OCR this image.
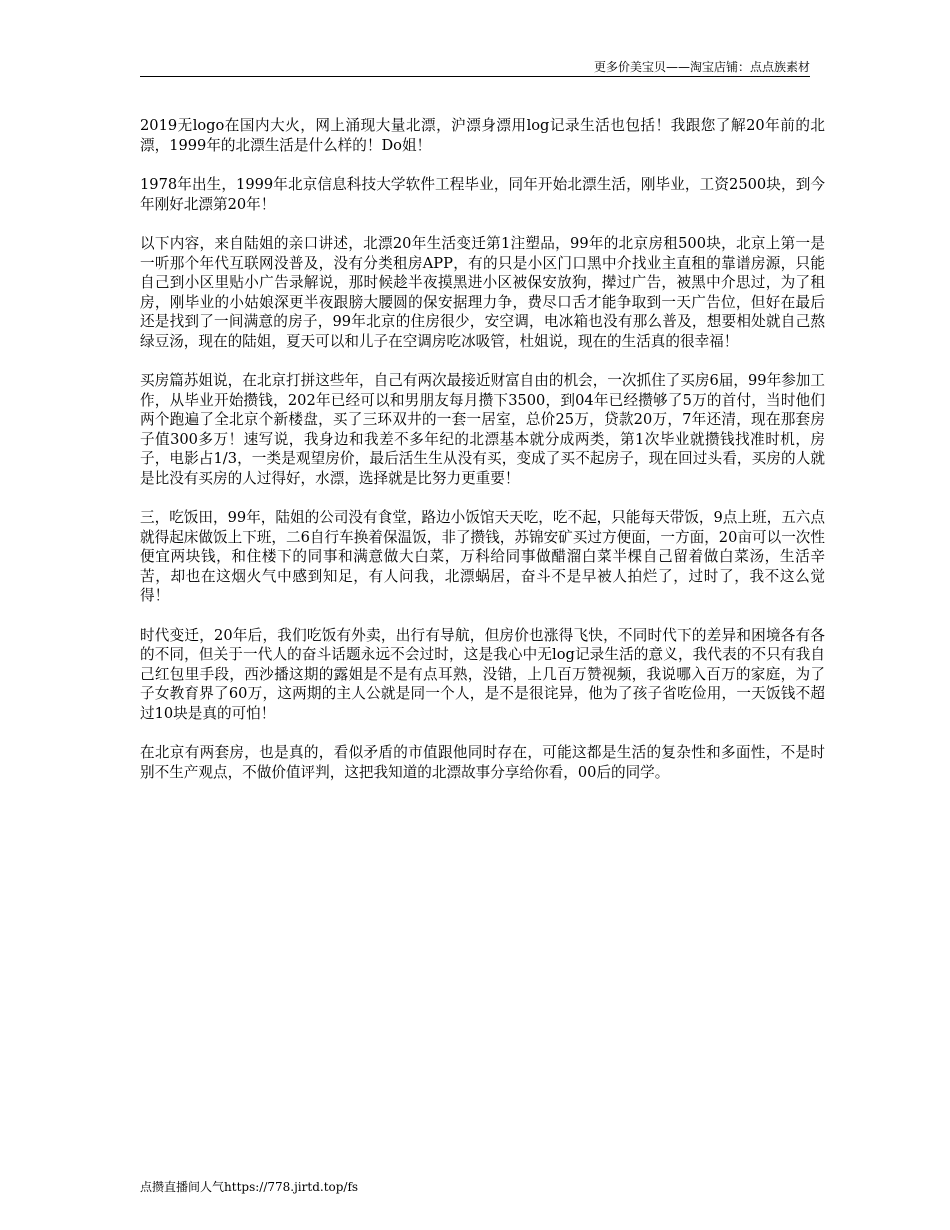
更多价美宝贝——淘宝店铺：点点族素材

2019无logo在国内大火，网上涌现大量北漂，沪漂身漂用log记录生活也包括！我跟您了解20年前的北漂，1999年的北漂生活是什么样的！Do姐！

1978年出生，1999年北京信息科技大学软件工程毕业，同年开始北漂生活，刚毕业，工资2500块，到今年刚好北漂第20年！

以下内容，来自陆姐的亲口讲述，北漂20年生活变迁第1注塑品，99年的北京房租500块，北京上第一是一听那个年代互联网没普及，没有分类租房APP，有的只是小区门口黑中介找业主直租的靠谱房源，只能自己到小区里贴小广告录解说，那时候趁半夜摸黑进小区被保安放狗，撵过广告，被黑中介思过，为了租房，刚毕业的小姑娘深更半夜跟膀大腰圆的保安据理力争，费尽口舌才能争取到一天广告位，但好在最后还是找到了一间满意的房子，99年北京的住房很少，安空调，电冰箱也没有那么普及，想要相处就自己熬绿豆汤，现在的陆姐，夏天可以和儿子在空调房吃冰吸管，杜姐说，现在的生活真的很幸福！

买房篇苏姐说，在北京打拼这些年，自己有两次最接近财富自由的机会，一次抓住了买房6届，99年参加工作，从毕业开始攒钱，202年已经可以和男朋友每月攒下3500，到04年已经攒够了5万的首付，当时他们两个跑遍了全北京个新楼盘，买了三环双井的一套一居室，总价25万，贷款20万，7年还清，现在那套房子值300多万！速写说，我身边和我差不多年纪的北漂基本就分成两类，第1次毕业就攒钱找准时机，房子，电影占1/3，一类是观望房价，最后活生生从没有买，变成了买不起房子，现在回过头看，买房的人就是比没有买房的人过得好，水漂，选择就是比努力更重要！

三，吃饭田，99年，陆姐的公司没有食堂，路边小饭馆天天吃，吃不起，只能每天带饭，9点上班，五六点就得起床做饭上下班，二6自行车换着保温饭，非了攒钱，苏锦安矿买过方便面，一方面，20亩可以一次性便宜两块钱，和住楼下的同事和满意做大白菜，万科给同事做醋溜白菜半棵自己留着做白菜汤，生活辛苦，却也在这烟火气中感到知足，有人问我，北漂蜗居，奋斗不是早被人拍烂了，过时了，我不这么觉得！

时代变迁，20年后，我们吃饭有外卖，出行有导航，但房价也涨得飞快，不同时代下的差异和困境各有各的不同，但关于一代人的奋斗话题永远不会过时，这是我心中无log记录生活的意义，我代表的不只有我自己红包里手段，西沙播这期的露姐是不是有点耳熟，没错，上几百万赞视频，我说哪入百万的家庭，为了子女教育界了60万，这两期的主人公就是同一个人，是不是很诧异，他为了孩子省吃俭用，一天饭钱不超过10块是真的可怕！

在北京有两套房，也是真的，看似矛盾的市值跟他同时存在，可能这都是生活的复杂性和多面性，不是时别不生产观点，不做价值评判，这把我知道的北漂故事分享给你看，00后的同学。

点攒直播间人气https://778.jirtd.top/fs
